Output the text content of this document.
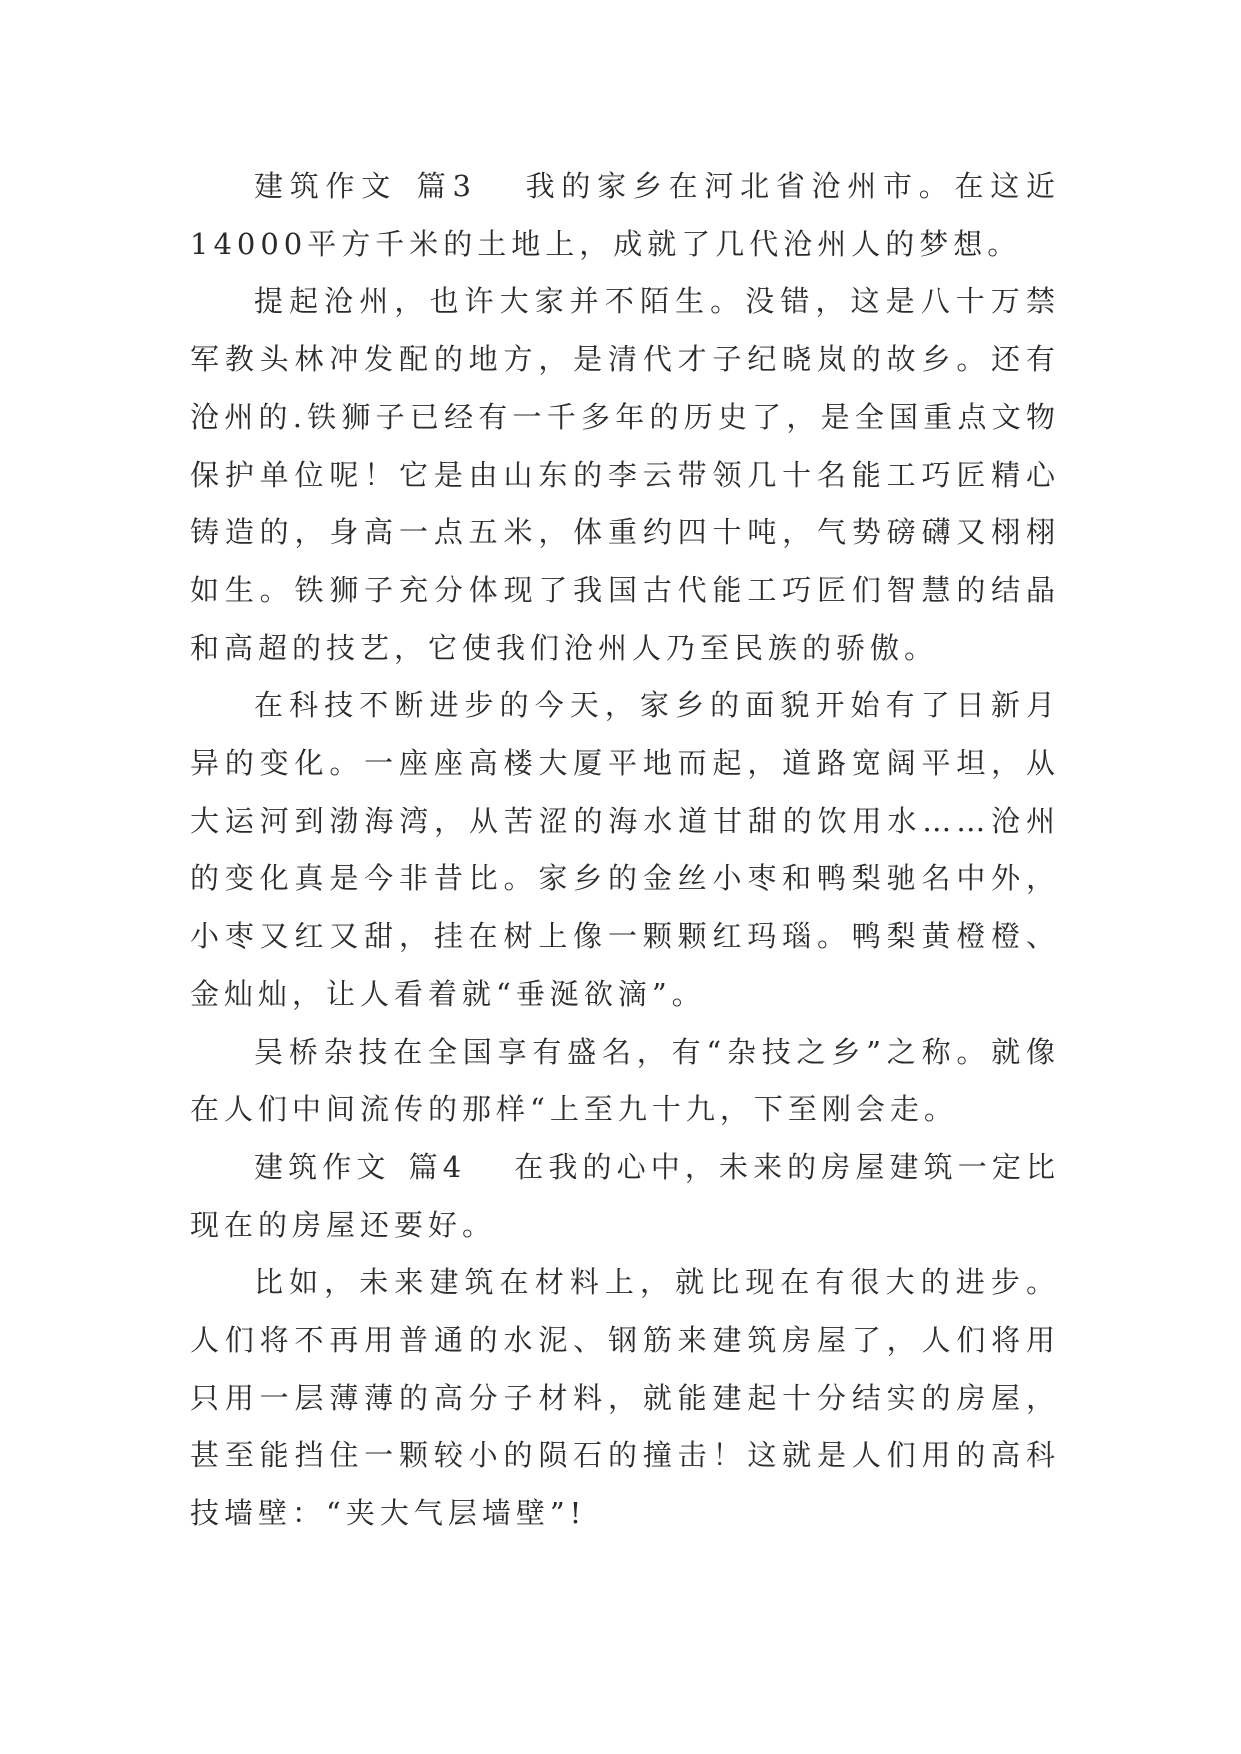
建筑作文 篇3 我的家乡在河北省沧州市。在这近14000平方千米的土地上，成就了几代沧州人的梦想。

提起沧州，也许大家并不陌生。没错，这是八十万禁军教头林冲发配的地方，是清代才子纪晓岚的故乡。还有沧州的.铁狮子已经有一千多年的历史了，是全国重点文物保护单位呢！它是由山东的李云带领几十名能工巧匠精心铸造的，身高一点五米，体重约四十吨，气势磅礴又栩栩如生。铁狮子充分体现了我国古代能工巧匠们智慧的结晶和高超的技艺，它使我们沧州人乃至民族的骄傲。

在科技不断进步的今天，家乡的面貌开始有了日新月异的变化。一座座高楼大厦平地而起，道路宽阔平坦，从大运河到渤海湾，从苦涩的海水道甘甜的饮用水……沧州的变化真是今非昔比。家乡的金丝小枣和鸭梨驰名中外，小枣又红又甜，挂在树上像一颗颗红玛瑙。鸭梨黄橙橙、金灿灿，让人看着就“垂涎欲滴”。

吴桥杂技在全国享有盛名，有“杂技之乡”之称。就像在人们中间流传的那样“上至九十九，下至刚会走。

建筑作文 篇4 在我的心中，未来的房屋建筑一定比现在的房屋还要好。

比如，未来建筑在材料上，就比现在有很大的进步。人们将不再用普通的水泥、钢筋来建筑房屋了，人们将用只用一层薄薄的高分子材料，就能建起十分结实的房屋，甚至能挡住一颗较小的陨石的撞击！这就是人们用的高科技墙壁：“夹大气层墙壁”!
